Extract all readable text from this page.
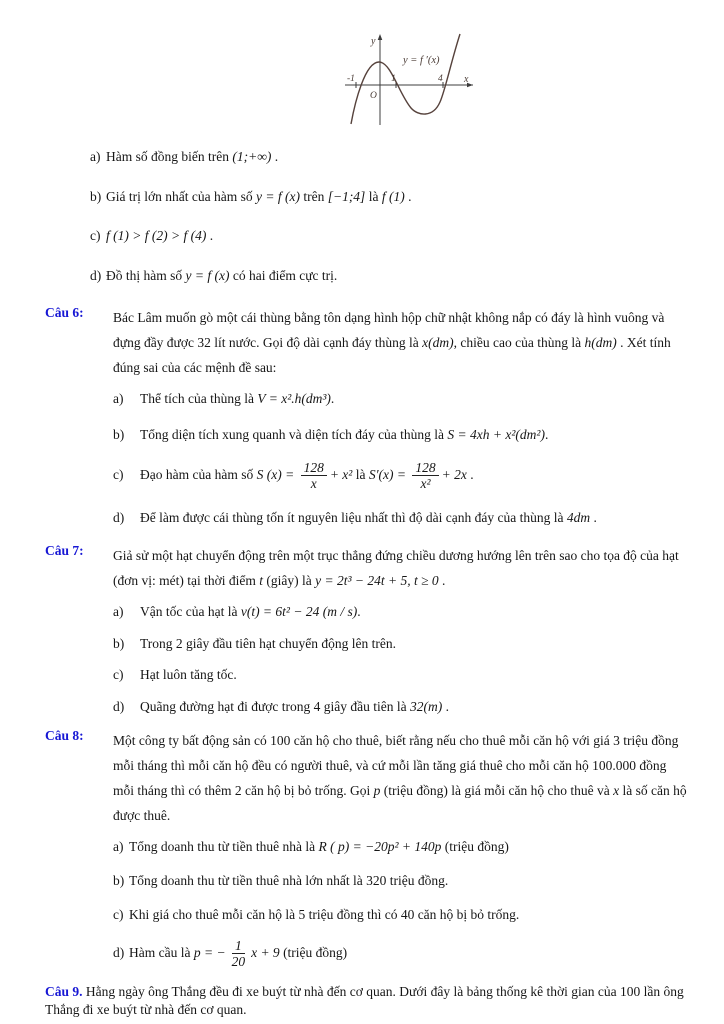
y
x
O
-1	1	4
y = f ′(x)
a) Hàm số đồng biến trên (1;+∞) .
b) Giá trị lớn nhất của hàm số y = f (x) trên [−1;4] là f (1) .
c) f (1) > f (2) > f (4) .
d) Đồ thị hàm số y = f (x) có hai điểm cực trị.
Câu 6:	Bác Lâm muốn gò một cái thùng bằng tôn dạng hình hộp chữ nhật không nắp có đáy là hình vuông và đựng đầy được 32 lít nước. Gọi độ dài cạnh đáy thùng là x(dm), chiều cao của thùng là h(dm) . Xét tính đúng sai của các mệnh đề sau:
a) Thể tích của thùng là V = x².h(dm³).
b) Tổng diện tích xung quanh và diện tích đáy của thùng là S = 4xh + x²(dm²).
c) Đạo hàm của hàm số S $(x) = \frac{128}{x} + x^2$ là $S'(x) = \frac{128}{\text{x²}} + 2x$ .
d) Để làm được cái thùng tốn ít nguyên liệu nhất thì độ dài cạnh đáy của thùng là 4dm .
Câu 7:	Giả sử một hạt chuyển động trên một trục thẳng đứng chiều dương hướng lên trên sao cho tọa độ của hạt (đơn vị: mét) tại thời điểm t (giây) là y = 2t³ − 24t + 5, t ≥ 0 .
a) Vận tốc của hạt là v(t) = 6t² − 24 (m / s).
b) Trong 2 giây đầu tiên hạt chuyển động lên trên.
c) Hạt luôn tăng tốc.
d) Quãng đường hạt đi được trong 4 giây đầu tiên là 32(m) .
Câu 8:	Một công ty bất động sản có 100 căn hộ cho thuê, biết rằng nếu cho thuê mỗi căn hộ với giá 3 triệu đồng mỗi tháng thì mỗi căn hộ đều có người thuê, và cứ mỗi lần tăng giá thuê cho mỗi căn hộ 100.000 đồng mỗi tháng thì có thêm 2 căn hộ bị bỏ trống. Gọi p (triệu đồng) là giá mỗi căn hộ cho thuê và x là số căn hộ được thuê.
a) Tổng doanh thu từ tiền thuê nhà là R ( p) = −20p² + 140p (triệu đồng)
b) Tổng doanh thu từ tiền thuê nhà lớn nhất là 320 triệu đồng.
c) Khi giá cho thuê mỗi căn hộ là 5 triệu đồng thì có 40 căn hộ bị bỏ trống.
d) Hàm cầu là p = − $\frac{1}{20}$ x + 9 (triệu đồng)

Câu 9. Hằng ngày ông Thắng đều đi xe buýt từ nhà đến cơ quan. Dưới đây là bảng thống kê thời gian của 100 lần ông Thắng đi xe buýt từ nhà đến cơ quan.
